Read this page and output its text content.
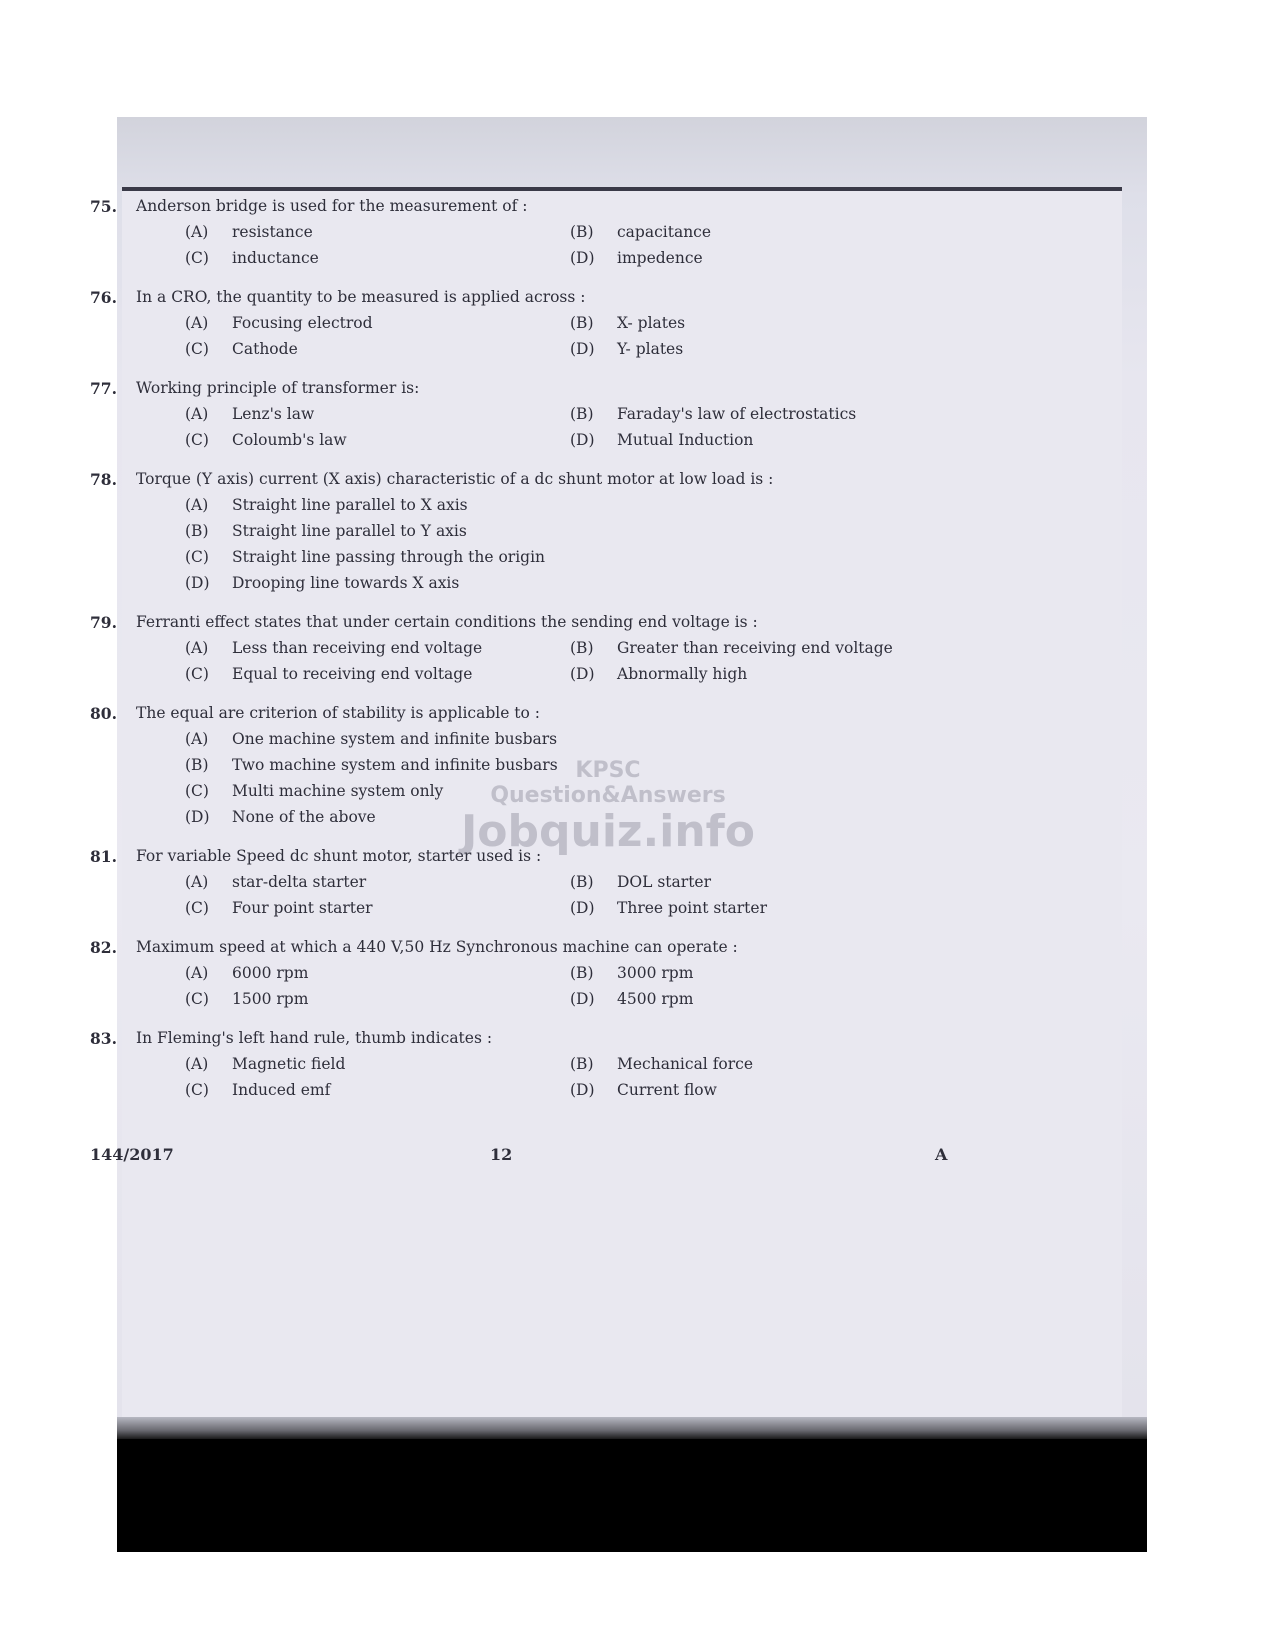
75.	Anderson bridge is used for the measurement of :
(A)	resistance	(B)	capacitance
(C)	inductance	(D)	impedence
76.	In a CRO, the quantity to be measured is applied across :
(A)	Focusing electrod	(B)	X- plates
(C)	Cathode	(D)	Y- plates
77.	Working principle of transformer is:
(A)	Lenz's law	(B)	Faraday's law of electrostatics
(C)	Coloumb's law	(D)	Mutual Induction
78.	Torque (Y axis) current (X axis) characteristic of a dc shunt motor at low load is :
(A)	Straight line parallel to X axis
(B)	Straight line parallel to Y axis
(C)	Straight line passing through the origin
(D)	Drooping line towards X axis
79.	Ferranti effect states that under certain conditions the sending end voltage is :
(A)	Less than receiving end voltage	(B)	Greater than receiving end voltage
(C)	Equal to receiving end voltage	(D)	Abnormally high
80.	The equal are criterion of stability is applicable to :
(A)	One machine system and infinite busbars
(B)	Two machine system and infinite busbars
(C)	Multi machine system only
(D)	None of the above
81.	For variable Speed dc shunt motor, starter used is :
(A)	star-delta starter	(B)	DOL starter
(C)	Four point starter	(D)	Three point starter
82.	Maximum speed at which a 440 V,50 Hz Synchronous machine can operate :
(A)	6000 rpm	(B)	3000 rpm
(C)	1500 rpm	(D)	4500 rpm
83.	In Fleming's left hand rule, thumb indicates :
(A)	Magnetic field	(B)	Mechanical force
(C)	Induced emf	(D)	Current flow
144/2017	12	A
KPSC Question&Answers
Jobquiz.info
